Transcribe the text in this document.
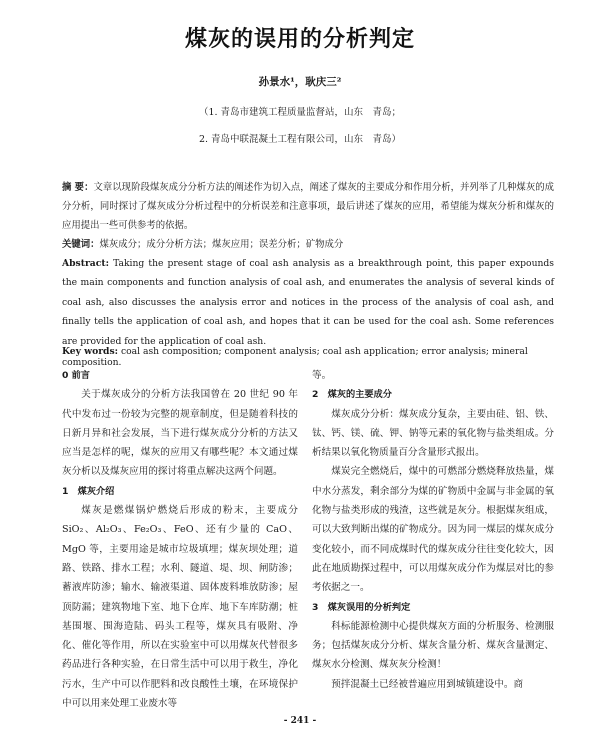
煤灰的误用的分析判定
孙景水¹，耿庆三²
（1. 青岛市建筑工程质量监督站，山东　青岛；
2. 青岛中联混凝土工程有限公司，山东　青岛）
摘 要：文章以现阶段煤灰成分分析方法的阐述作为切入点，阐述了煤灰的主要成分和作用分析，并列举了几种煤灰的成分分析，同时探讨了煤灰成分分析过程中的分析误差和注意事项，最后讲述了煤灰的应用，希望能为煤灰分析和煤灰的应用提出一些可供参考的依据。
关键词：煤灰成分；成分分析方法；煤灰应用；误差分析；矿物成分
Abstract: Taking the present stage of coal ash analysis as a breakthrough point, this paper expounds the main components and function analysis of coal ash, and enumerates the analysis of several kinds of coal ash, also discusses the analysis error and notices in the process of the analysis of coal ash, and finally tells the application of coal ash, and hopes that it can be used for the coal ash. Some references are provided for the application of coal ash.
Key words: coal ash composition; component analysis; coal ash application; error analysis; mineral composition.

0 前言

关于煤灰成分的分析方法我国曾在 20 世纪 90 年代中发布过一份较为完整的规章制度，但是随着科技的日新月异和社会发展，当下进行煤灰成分分析的方法又应当是怎样的呢，煤灰的应用又有哪些呢？本文通过煤灰分析以及煤灰应用的探讨将重点解决这两个问题。

1　煤灰介绍

煤灰是燃煤锅炉燃烧后形成的粉末，主要成分 SiO₂、Al₂O₃、Fe₂O₃、FeO、还有少量的 CaO、MgO 等，主要用途是城市垃圾填埋；煤灰坝处理；道路、铁路、排水工程；水利、隧道、堤、坝、闸防渗；蓄液库防渗；输水、输液渠道、固体废料堆放防渗；屋顶防漏；建筑物地下室、地下仓库、地下车库防潮；桩基围堰、围海造陆、码头工程等，煤灰具有吸附、净化、催化等作用，所以在实验室中可以用煤灰代替很多药品进行各种实验，在日常生活中可以用于救生，净化污水，生产中可以作肥料和改良酸性土壤，在环境保护中可以用来处理工业废水等

等。

2　煤灰的主要成分

煤灰成分分析：煤灰成分复杂，主要由硅、铝、铁、钛、钙、镁、硫、钾、钠等元素的氧化物与盐类组成。分析结果以氧化物质量百分含量形式报出。

煤炭完全燃烧后，煤中的可燃部分燃烧释放热量，煤中水分蒸发，剩余部分为煤的矿物质中金属与非金属的氧化物与盐类形成的残渣，这些就是灰分。根据煤灰组成，可以大致判断出煤的矿物成分。因为同一煤层的煤灰成分变化较小，而不同成煤时代的煤灰成分往往变化较大，因此在地质勘探过程中，可以用煤灰成分作为煤层对比的参考依据之一。

3　煤灰误用的分析判定

科标能源检测中心提供煤灰方面的分析服务、检测服务；包括煤灰成分分析、煤灰含量分析、煤灰含量测定、煤灰水分检测、煤灰灰分检测！

预拌混凝土已经被普遍应用到城镇建设中。商

- 241 -
